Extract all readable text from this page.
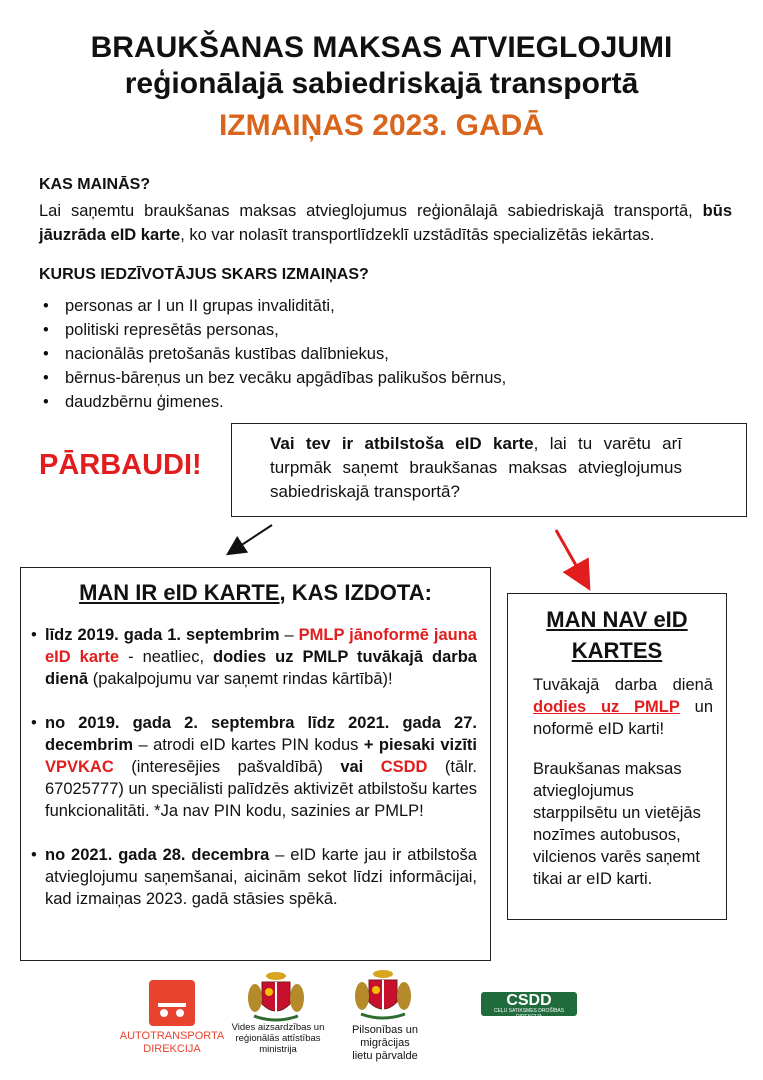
BRAUKŠANAS MAKSAS ATVIEGLOJUMI
reģionālajā sabiedriskajā transportā
IZMAIŅAS 2023. GADĀ
KAS MAINĀS?
Lai saņemtu braukšanas maksas atvieglojumus reģionālajā sabiedriskajā transportā, būs jāuzrāda eID karte, ko var nolasīt transportlīdzeklī uzstādītās specializētās iekārtas.
KURUS IEDZĪVOTĀJUS SKARS IZMAIŅAS?
• personas ar I un II grupas invaliditāti,
• politiski represētās personas,
• nacionālās pretošanās kustības dalībniekus,
• bērnus-bāreņus un bez vecāku apgādības palikušos bērnus,
• daudzbērnu ģimenes.
PĀRBAUDI!
Vai tev ir atbilstoša eID karte, lai tu varētu arī turpmāk saņemt braukšanas maksas atvieglojumus sabiedriskajā transportā?
MAN IR eID KARTE, KAS IZDOTA:
• līdz 2019. gada 1. septembrim – PMLP jānoformē jauna eID karte - neatliec, dodies uz PMLP tuvākajā darba dienā (pakalpojumu var saņemt rindas kārtībā)!
• no 2019. gada 2. septembra līdz 2021. gada 27. decembrim – atrodi eID kartes PIN kodus + piesaki vizīti VPVKAC (interesējies pašvaldībā) vai CSDD (tālr. 67025777) un speciālisti palīdzēs aktivizēt atbilstošu kartes funkcionalitāti. *Ja nav PIN kodu, sazinies ar PMLP!
• no 2021. gada 28. decembra – eID karte jau ir atbilstoša atvieglojumu saņemšanai, aicinām sekot līdzi informācijai, kad izmaiņas 2023. gadā stāsies spēkā.
MAN NAV eID
KARTES
Tuvākajā darba dienā dodies uz PMLP un noformē eID karti!
Braukšanas maksas atvieglojumus starppilsētu un vietējās nozīmes autobusos, vilcienos varēs saņemt tikai ar eID karti.
AUTOTRANSPORTA
DIREKCIJA
Vides aizsardzības un
reģionālās attīstības
ministrija
Pilsonības un migrācijas
lietu pārvalde
CSDD
CEĻU SATIKSMES DROŠĪBAS DIREKCIJA
